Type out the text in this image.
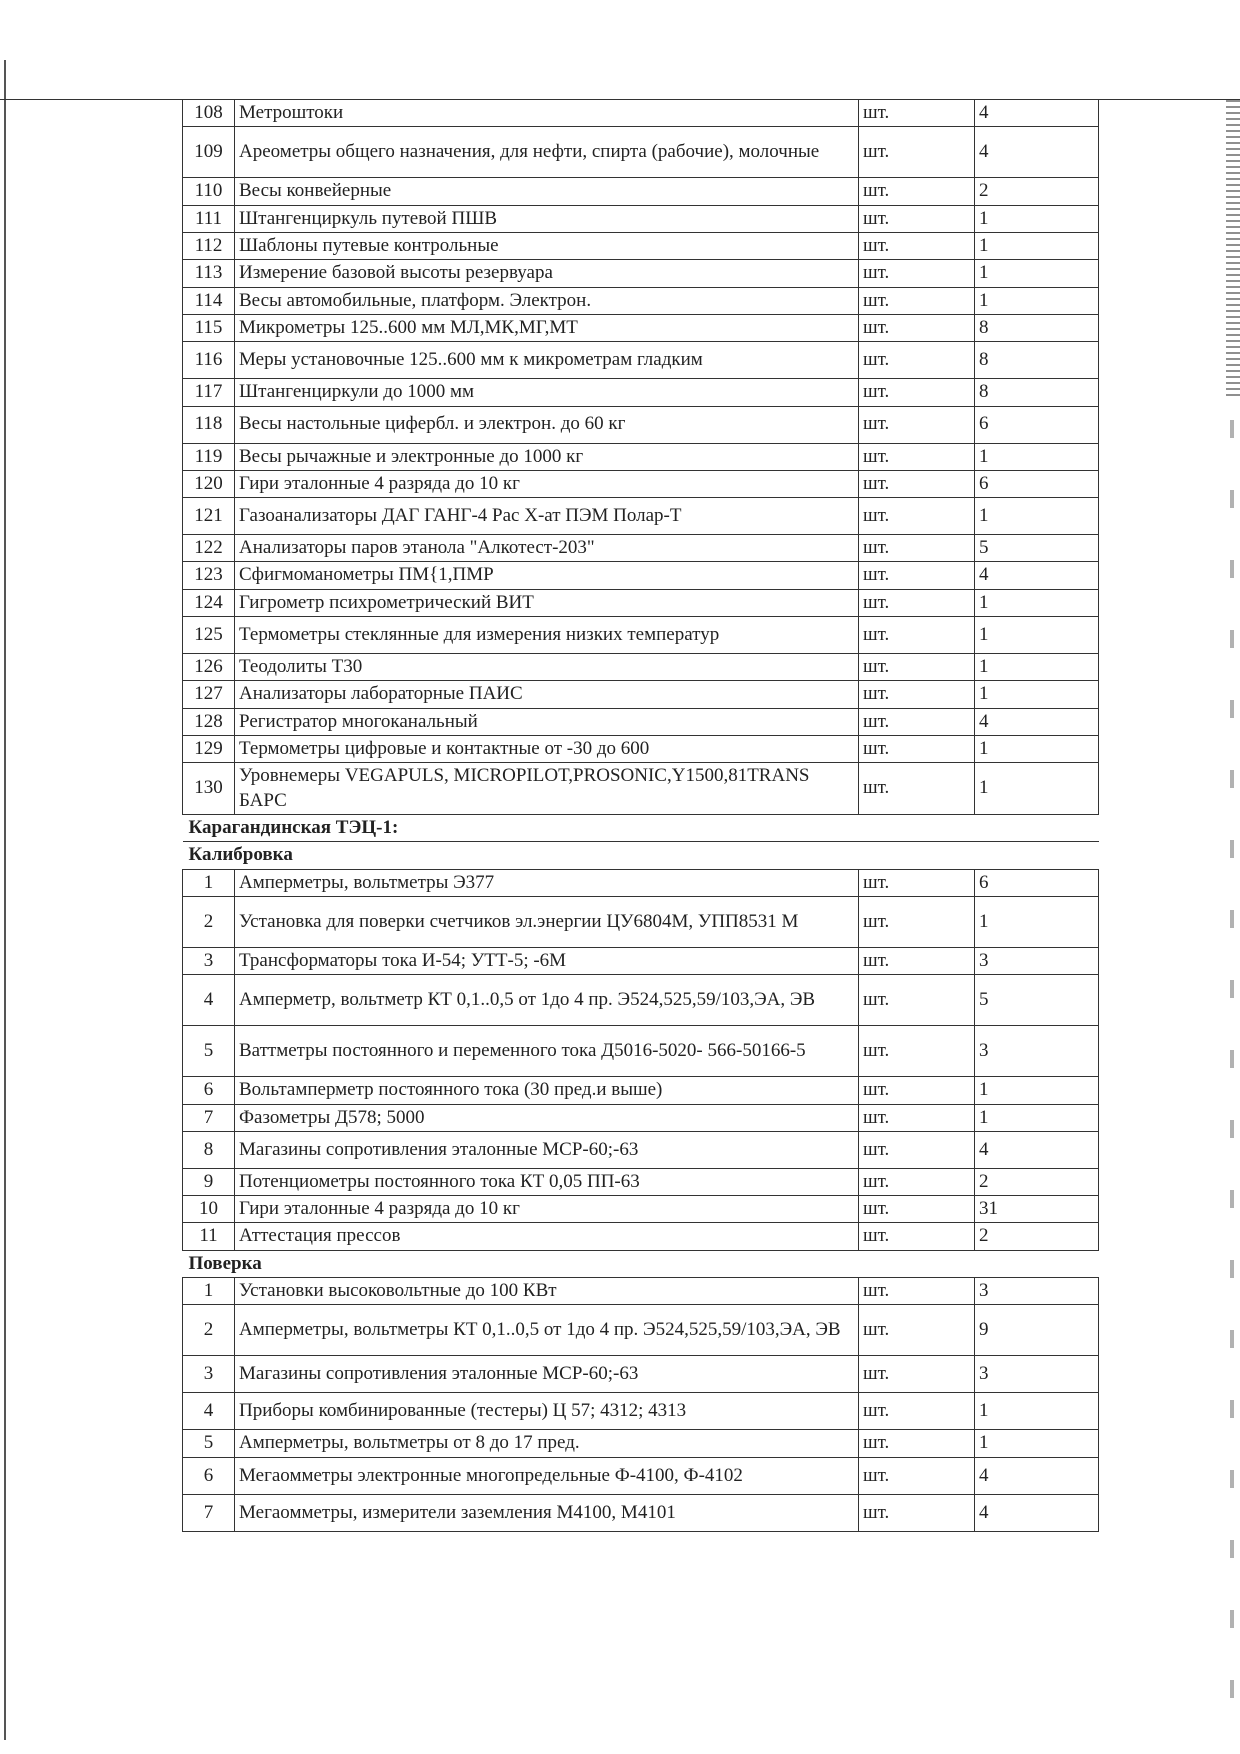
108	Метроштоки	шт.	4
109	Ареометры общего назначения, для нефти, спирта (рабочие), молочные	шт.	4
110	Весы конвейерные	шт.	2
111	Штангенциркуль путевой ПШВ	шт.	1
112	Шаблоны путевые контрольные	шт.	1
113	Измерение базовой высоты резервуара	шт.	1
114	Весы автомобильные, платформ. Электрон.	шт.	1
115	Микрометры 125..600 мм МЛ,МК,МГ,МТ	шт.	8
116	Меры установочные 125..600 мм к микрометрам гладким	шт.	8
117	Штангенциркули до 1000 мм	шт.	8
118	Весы настольные цифербл. и электрон. до 60 кг	шт.	6
119	Весы рычажные и электронные до 1000 кг	шт.	1
120	Гири эталонные 4 разряда до 10 кг	шт.	6
121	Газоанализаторы ДАГ ГАНГ-4 Рас Х-ат ПЭМ Полар-Т	шт.	1
122	Анализаторы паров этанола "Алкотест-203"	шт.	5
123	Сфигмоманометры ПМ{1,ПМР	шт.	4
124	Гигрометр психрометрический ВИТ	шт.	1
125	Термометры стеклянные для измерения низких температур	шт.	1
126	Теодолиты Т30	шт.	1
127	Анализаторы лабораторные ПАИС	шт.	1
128	Регистратор многоканальный	шт.	4
129	Термометры цифровые и контактные от -30 до 600	шт.	1
130	Уровнемеры VEGAPULS, MICROPILOT,PROSONIC,Y1500,81TRANS БАРС	шт.	1
Карагандинская ТЭЦ-1:			
Калибровка			
1	Амперметры, вольтметры Э377	шт.	6
2	Установка для поверки счетчиков эл.энергии ЦУ6804М, УПП8531 М	шт.	1
3	Трансформаторы тока И-54; УТТ-5; -6М	шт.	3
4	Амперметр, вольтметр КТ 0,1..0,5 от 1до 4 пр. Э524,525,59/103,ЭА, ЭВ	шт.	5
5	Ваттметры постоянного и переменного тока Д5016-5020- 566-50166-5	шт.	3
6	Вольтамперметр постоянного тока (30 пред.и выше)	шт.	1
7	Фазометры Д578; 5000	шт.	1
8	Магазины сопротивления эталонные МСР-60;-63	шт.	4
9	Потенциометры постоянного тока КТ 0,05 ПП-63	шт.	2
10	Гири эталонные 4 разряда до 10 кг	шт.	31
11	Аттестация прессов	шт.	2
Поверка			
1	Установки высоковольтные до 100 КВт	шт.	3
2	Амперметры, вольтметры КТ 0,1..0,5 от 1до 4 пр. Э524,525,59/103,ЭА, ЭВ	шт.	9
3	Магазины сопротивления эталонные МСР-60;-63	шт.	3
4	Приборы комбинированные (тестеры) Ц 57; 4312; 4313	шт.	1
5	Амперметры, вольтметры от 8 до 17 пред.	шт.	1
6	Мегаомметры электронные многопредельные Ф-4100, Ф-4102	шт.	4
7	Мегаомметры, измерители заземления М4100, М4101	шт.	4
